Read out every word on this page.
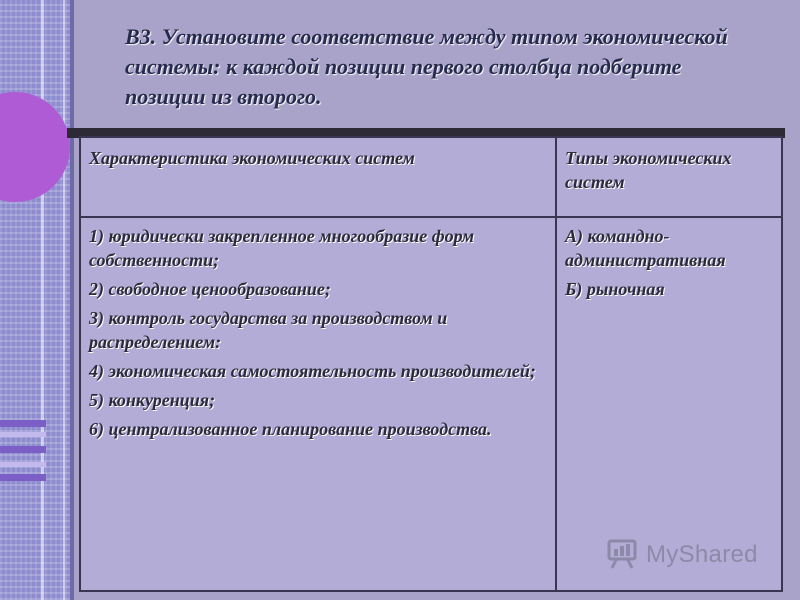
В3. Установите соответствие между типом экономической системы: к каждой позиции первого столбца подберите позиции из второго.
Характеристика экономических систем	Типы экономических систем
1) юридически закрепленное многообразие форм собственности;
2) свободное ценообразование;
3) контроль государства за производством и распределением:
4) экономическая самостоятельность производителей;
5) конкуренция;
6) централизованное планирование производства.
А) командно-административная
Б) рыночная
MyShared
